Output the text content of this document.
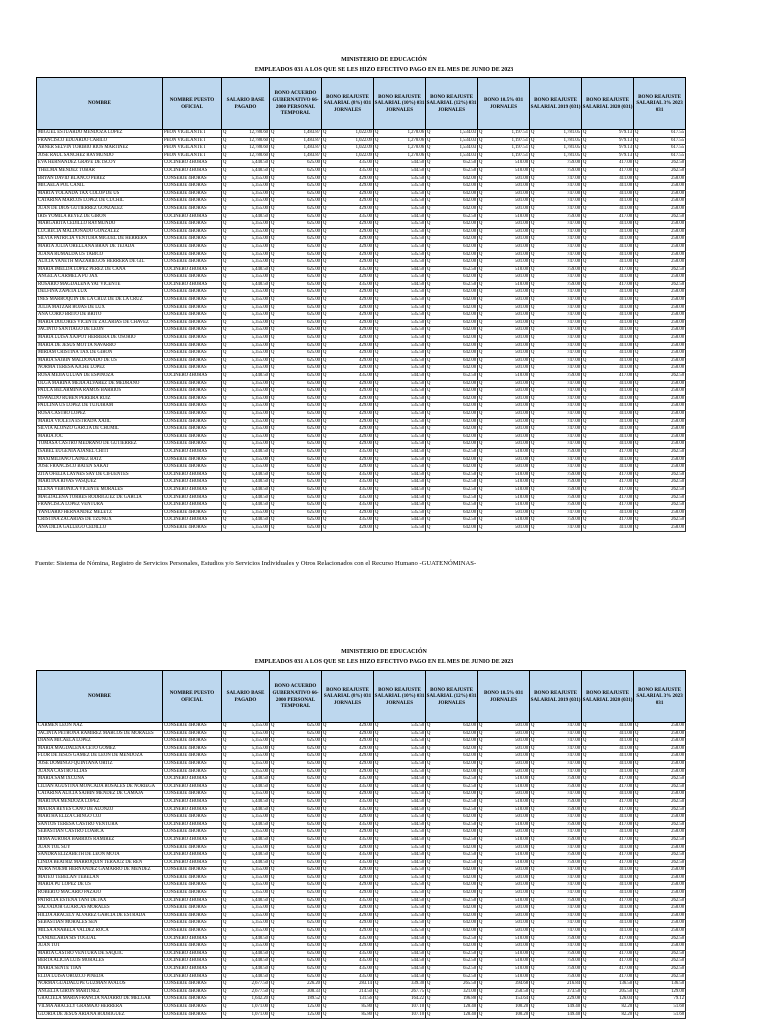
MINISTERIO DE EDUCACIÓN
EMPLEADOS 031 A LOS QUE SE LES HIZO EFECTIVO PAGO EN EL MES DE JUNIO DE 2023
NOMBRE	NOMBRE PUESTO OFICIAL	SALARIO BASE PAGADO		BONO ACUERDO GUBERNATIVO 66-2000 PERSONAL TEMPORAL		BONO REAJUSTE SALARIAL (8%) 031 JORNALES		BONO REAJUSTE SALARIAL (10%) 031 JORNALES		BONO REAJUSTE SALARIAL (12%) 031 JORNALES		BONO 10.5% 031 JORNALES		BONO REAJUSTE SALARIAL 2019 (031)		BONO REAJUSTE SALARIAL 2020 (031)		BONO REAJUSTE SALARIAL 3% 2023 031	
MIGUEL ESTUARDO MENDOZA LOPEZ	PEÓN VIGILANTE I	Q	12,780.60	Q	1,483.87	Q	1,022.09	Q	1,278.06	Q	1,534.03	Q	1,197.51	Q	1,781.05	Q	979.13	Q	617.55
FRANCISCO EDUARDO CARILO	PEÓN VIGILANTE I	Q	12,780.60	Q	1,483.87	Q	1,022.09	Q	1,278.06	Q	1,534.03	Q	1,197.51	Q	1,781.05	Q	979.13	Q	617.55
ABNER SELVIN TORIBIO RIOS MARTINEZ	PEÓN VIGILANTE I	Q	12,780.60	Q	1,483.87	Q	1,022.09	Q	1,278.06	Q	1,534.03	Q	1,197.51	Q	1,781.05	Q	979.13	Q	617.55
JOSÉ RAÚL SÁNCHEZ RAYMUNDO	PEÓN VIGILANTE I	Q	12,780.60	Q	1,483.87	Q	1,022.09	Q	1,278.06	Q	1,534.03	Q	1,197.51	Q	1,781.05	Q	979.13	Q	617.55
EVA HERNANDEZ GRAVE DE ISCOY	COCINERO 4HORAS	Q	5,440.50	Q	625.00	Q	435.00	Q	544.50	Q	652.50	Q	510.00	Q	759.00	Q	417.00	Q	262.50
THELMA MENDEZ TOBAR	COCINERO 4HORAS	Q	5,440.50	Q	625.00	Q	435.00	Q	544.50	Q	652.50	Q	510.00	Q	759.00	Q	417.00	Q	262.50
BRYAN DAVID BLANCO PEREZ	CONSERJE 4HORAS	Q	5,355.00	Q	625.00	Q	429.00	Q	535.50	Q	642.00	Q	501.00	Q	747.00	Q	411.00	Q	258.00
MICAELA POL CANIL	CONSERJE 4HORAS	Q	5,355.00	Q	625.00	Q	429.00	Q	535.50	Q	642.00	Q	501.00	Q	747.00	Q	411.00	Q	258.00
MARTA YOLANDA TAX COLOP DE US	CONSERJE 4HORAS	Q	5,355.00	Q	625.00	Q	429.00	Q	535.50	Q	642.00	Q	501.00	Q	747.00	Q	411.00	Q	258.00
CATARINA MARCOS LOPEZ DE CUCHIL	CONSERJE 4HORAS	Q	5,355.00	Q	625.00	Q	429.00	Q	535.50	Q	642.00	Q	501.00	Q	747.00	Q	411.00	Q	258.00
JUAN DE DIOS GUTIERREZ GONZALEZ	CONSERJE 4HORAS	Q	5,355.00	Q	625.00	Q	429.00	Q	535.50	Q	642.00	Q	501.00	Q	747.00	Q	411.00	Q	258.00
IRIS YOMILA REYEZ DE GIRON	COCINERO 4HORAS	Q	5,440.50	Q	625.00	Q	435.00	Q	544.50	Q	652.50	Q	510.00	Q	759.00	Q	417.00	Q	262.50
MARGARITA CEDILLO RAYMUNDO	CONSERJE 4HORAS	Q	5,355.00	Q	625.00	Q	429.00	Q	535.50	Q	642.00	Q	501.00	Q	747.00	Q	411.00	Q	258.00
LUCRECIA MALDONADO GONZALEZ	CONSERJE 4HORAS	Q	5,355.00	Q	625.00	Q	429.00	Q	535.50	Q	642.00	Q	501.00	Q	747.00	Q	411.00	Q	258.00
SILVIA PATRICIA VENTURA MIGUEL DE HERRERA	CONSERJE 4HORAS	Q	5,355.00	Q	625.00	Q	429.00	Q	535.50	Q	642.00	Q	501.00	Q	747.00	Q	411.00	Q	258.00
MARTA JULIA ORELLANA BRAN DE TEJADA	CONSERJE 4HORAS	Q	5,355.00	Q	625.00	Q	429.00	Q	535.50	Q	642.00	Q	501.00	Q	747.00	Q	411.00	Q	258.00
JUANA RUMALDA US TABICO	CONSERJE 4HORAS	Q	5,355.00	Q	625.00	Q	429.00	Q	535.50	Q	642.00	Q	501.00	Q	747.00	Q	411.00	Q	258.00
ALICIA YANETH MAZARIEGOS HERRERA DE GIL	CONSERJE 4HORAS	Q	5,355.00	Q	625.00	Q	429.00	Q	535.50	Q	642.00	Q	501.00	Q	747.00	Q	411.00	Q	258.00
MARIA IMELDA LÓPEZ PÉREZ DE CANA	COCINERO 4HORAS	Q	5,440.50	Q	625.00	Q	435.00	Q	544.50	Q	652.50	Q	510.00	Q	759.00	Q	417.00	Q	262.50
ANGELA CARMELA PU JAX	CONSERJE 4HORAS	Q	5,355.00	Q	625.00	Q	429.00	Q	535.50	Q	642.00	Q	501.00	Q	747.00	Q	411.00	Q	258.00
ROSARIO MAGDALENA YAT VICENTE	COCINERO 4HORAS	Q	5,440.50	Q	625.00	Q	435.00	Q	544.50	Q	652.50	Q	510.00	Q	759.00	Q	417.00	Q	262.50
DELFINA ZAPETA LUX	CONSERJE 4HORAS	Q	5,355.00	Q	625.00	Q	429.00	Q	535.50	Q	642.00	Q	501.00	Q	747.00	Q	411.00	Q	258.00
INES MARROQUIN DE LA CRUZ DE DE LA CRUZ	CONSERJE 4HORAS	Q	5,355.00	Q	625.00	Q	429.00	Q	535.50	Q	642.00	Q	501.00	Q	747.00	Q	411.00	Q	258.00
JULIA MATZAR ROJAS DE LUX	CONSERJE 4HORAS	Q	5,355.00	Q	625.00	Q	429.00	Q	535.50	Q	642.00	Q	501.00	Q	747.00	Q	411.00	Q	258.00
ANA CORIO BRITO DE BRITO	CONSERJE 4HORAS	Q	5,355.00	Q	625.00	Q	429.00	Q	535.50	Q	642.00	Q	501.00	Q	747.00	Q	411.00	Q	258.00
MARIA DOLORES VICENTE ZACARIAS DE CHAVEZ	CONSERJE 4HORAS	Q	5,355.00	Q	625.00	Q	429.00	Q	535.50	Q	642.00	Q	501.00	Q	747.00	Q	411.00	Q	258.00
JACINTO SANTIAGO DE LEON	CONSERJE 4HORAS	Q	5,355.00	Q	625.00	Q	429.00	Q	535.50	Q	642.00	Q	501.00	Q	747.00	Q	411.00	Q	258.00
MARIA LUISA XAJPOT HERRERA DE OSORIO	CONSERJE 4HORAS	Q	5,355.00	Q	625.00	Q	429.00	Q	535.50	Q	642.00	Q	501.00	Q	747.00	Q	411.00	Q	258.00
MARIA DE JESUS MOTTA NAVARRO	CONSERJE 4HORAS	Q	5,355.00	Q	625.00	Q	429.00	Q	535.50	Q	642.00	Q	501.00	Q	747.00	Q	411.00	Q	258.00
MIRIAM CRISTINA TAX DE GIRON	CONSERJE 4HORAS	Q	5,355.00	Q	625.00	Q	429.00	Q	535.50	Q	642.00	Q	501.00	Q	747.00	Q	411.00	Q	258.00
MARIA SAJBIN MALDONADO DE US	CONSERJE 4HORAS	Q	5,355.00	Q	625.00	Q	429.00	Q	535.50	Q	642.00	Q	501.00	Q	747.00	Q	411.00	Q	258.00
NORMA TERESA AJCHÉ LÓPEZ	CONSERJE 4HORAS	Q	5,355.00	Q	625.00	Q	429.00	Q	535.50	Q	642.00	Q	501.00	Q	747.00	Q	411.00	Q	258.00
ROSA MEJIA ULUAN DE ESPINOZA	COCINERO 4HORAS	Q	5,440.50	Q	625.00	Q	435.00	Q	544.50	Q	652.50	Q	510.00	Q	759.00	Q	417.00	Q	262.50
OLGA MARINA MEJIA ALVAREZ DE MEDRANO	CONSERJE 4HORAS	Q	5,355.00	Q	625.00	Q	429.00	Q	535.50	Q	642.00	Q	501.00	Q	747.00	Q	411.00	Q	258.00
PAULA BELARMINA RAMOS BARRIOS	CONSERJE 4HORAS	Q	5,355.00	Q	625.00	Q	429.00	Q	535.50	Q	642.00	Q	501.00	Q	747.00	Q	411.00	Q	258.00
OSWALDO RUBÉN PEREIRA RUÍZ	CONSERJE 4HORAS	Q	5,355.00	Q	625.00	Q	429.00	Q	535.50	Q	642.00	Q	501.00	Q	747.00	Q	411.00	Q	258.00
PAULINA US LOPEZ DE TUJUIRAM	CONSERJE 4HORAS	Q	5,355.00	Q	625.00	Q	429.00	Q	535.50	Q	642.00	Q	501.00	Q	747.00	Q	411.00	Q	258.00
ROSA CASTRO LOPEZ	CONSERJE 4HORAS	Q	5,355.00	Q	625.00	Q	429.00	Q	535.50	Q	642.00	Q	501.00	Q	747.00	Q	411.00	Q	258.00
MARIA VIOLETA ESTRADA XAJIL	CONSERJE 4HORAS	Q	5,355.00	Q	625.00	Q	429.00	Q	535.50	Q	642.00	Q	501.00	Q	747.00	Q	411.00	Q	258.00
SILVIA ALONZO GARCIA DE CHUMIL	CONSERJE 4HORAS	Q	5,355.00	Q	625.00	Q	429.00	Q	535.50	Q	642.00	Q	501.00	Q	747.00	Q	411.00	Q	258.00
MARIA JOC	CONSERJE 4HORAS	Q	5,355.00	Q	625.00	Q	429.00	Q	535.50	Q	642.00	Q	501.00	Q	747.00	Q	411.00	Q	258.00
TOMASA CASTRO MEDRANO DE GUTIERREZ	CONSERJE 4HORAS	Q	5,355.00	Q	625.00	Q	429.00	Q	535.50	Q	642.00	Q	501.00	Q	747.00	Q	411.00	Q	258.00
ISABEL EUGENIA AJANEL CHITI	COCINERO 4HORAS	Q	5,440.50	Q	625.00	Q	435.00	Q	544.50	Q	652.50	Q	510.00	Q	759.00	Q	417.00	Q	262.50
MAXIMILIANO LAINEZ BATZ	CONSERJE 4HORAS	Q	5,355.00	Q	625.00	Q	429.00	Q	535.50	Q	642.00	Q	501.00	Q	747.00	Q	411.00	Q	258.00
JOSE FRANCISCO BATEN SAKAT	CONSERJE 4HORAS	Q	5,355.00	Q	625.00	Q	429.00	Q	535.50	Q	642.00	Q	501.00	Q	747.00	Q	411.00	Q	258.00
ZITA OFELIA LAYNES SAY DE CIFUENTES	COCINERO 4HORAS	Q	5,440.50	Q	625.00	Q	435.00	Q	544.50	Q	652.50	Q	510.00	Q	759.00	Q	417.00	Q	262.50
MARTINA RIVAS VASQUEZ	COCINERO 4HORAS	Q	5,440.50	Q	625.00	Q	435.00	Q	544.50	Q	652.50	Q	510.00	Q	759.00	Q	417.00	Q	262.50
ELENA VERONICA VICENTE MORALES	COCINERO 4HORAS	Q	5,440.50	Q	625.00	Q	435.00	Q	544.50	Q	652.50	Q	510.00	Q	759.00	Q	417.00	Q	262.50
MAGDALENA TORRES RODRIGUEZ DE GARCIA	COCINERO 4HORAS	Q	5,440.50	Q	625.00	Q	435.00	Q	544.50	Q	652.50	Q	510.00	Q	759.00	Q	417.00	Q	262.50
FRANCISCA LOPEZ VENTURA	COCINERO 4HORAS	Q	5,440.50	Q	625.00	Q	435.00	Q	544.50	Q	652.50	Q	510.00	Q	759.00	Q	417.00	Q	262.50
YANUARIO HERNANDEZ MELETZ	CONSERJE 4HORAS	Q	5,355.00	Q	625.00	Q	429.00	Q	535.50	Q	642.00	Q	501.00	Q	747.00	Q	411.00	Q	258.00
CRISTINA ZACARIAS DE TZUNUX	COCINERO 4HORAS	Q	5,440.50	Q	625.00	Q	435.00	Q	544.50	Q	652.50	Q	510.00	Q	759.00	Q	417.00	Q	262.50
ANA DILIA GALLEGO CEDILLO	CONSERJE 4HORAS	Q	5,355.00	Q	625.00	Q	429.00	Q	535.50	Q	642.00	Q	501.00	Q	747.00	Q	411.00	Q	258.00
Fuente: Sistema de Nómina, Registro de Servicios Personales, Estudios y/o Servicios Individuales y Otros Relacionados con el Recurso Humano -GUATENÓMINAS-
MINISTERIO DE EDUCACIÓN
EMPLEADOS 031 A LOS QUE SE LES HIZO EFECTIVO PAGO EN EL MES DE JUNIO DE 2023
NOMBRE	NOMBRE PUESTO OFICIAL	SALARIO BASE PAGADO		BONO ACUERDO GUBERNATIVO 66-2000 PERSONAL TEMPORAL		BONO REAJUSTE SALARIAL (8%) 031 JORNALES		BONO REAJUSTE SALARIAL (10%) 031 JORNALES		BONO REAJUSTE SALARIAL (12%) 031 JORNALES		BONO 10.5% 031 JORNALES		BONO REAJUSTE SALARIAL 2019 (031)		BONO REAJUSTE SALARIAL 2020 (031)		BONO REAJUSTE SALARIAL 3% 2023 031	
CARMEN LEON NAZ	CONSERJE 4HORAS	Q	5,355.00	Q	625.00	Q	429.00	Q	535.50	Q	642.00	Q	501.00	Q	747.00	Q	411.00	Q	258.00
JACINTA PETRONA RAMIREZ MARCOS DE MORALES	CONSERJE 4HORAS	Q	5,355.00	Q	625.00	Q	429.00	Q	535.50	Q	642.00	Q	501.00	Q	747.00	Q	411.00	Q	258.00
DIANA MICAELA LÓPEZ	CONSERJE 4HORAS	Q	5,355.00	Q	625.00	Q	429.00	Q	535.50	Q	642.00	Q	501.00	Q	747.00	Q	411.00	Q	258.00
MARIA MAGDALENA CETO GOMEZ	CONSERJE 4HORAS	Q	5,355.00	Q	625.00	Q	429.00	Q	535.50	Q	642.00	Q	501.00	Q	747.00	Q	411.00	Q	258.00
FLOR DE JESUS GAMEZ DE LEON DE MENDOZA	CONSERJE 4HORAS	Q	5,355.00	Q	625.00	Q	429.00	Q	535.50	Q	642.00	Q	501.00	Q	747.00	Q	411.00	Q	258.00
JOSÉ DOMINGO QUINTANA ORTIZ	CONSERJE 4HORAS	Q	5,355.00	Q	625.00	Q	429.00	Q	535.50	Q	642.00	Q	501.00	Q	747.00	Q	411.00	Q	258.00
JUANA CASTRO ELIAS	CONSERJE 4HORAS	Q	5,355.00	Q	625.00	Q	429.00	Q	535.50	Q	642.00	Q	501.00	Q	747.00	Q	411.00	Q	258.00
MARIA SAM IXCUNA	COCINERO 4HORAS	Q	5,440.50	Q	625.00	Q	435.00	Q	544.50	Q	652.50	Q	510.00	Q	759.00	Q	417.00	Q	262.50
LILIAN AGUSTINA MONCADA ROSALES DE NORIEGA	COCINERO 4HORAS	Q	5,440.50	Q	625.00	Q	435.00	Q	544.50	Q	652.50	Q	510.00	Q	759.00	Q	417.00	Q	262.50
CATARINA ALICIA SAJBIN MENDEZ DE CAMAJA	CONSERJE 4HORAS	Q	5,355.00	Q	625.00	Q	429.00	Q	535.50	Q	642.00	Q	501.00	Q	747.00	Q	411.00	Q	258.00
MARTINA MENDOZA LÓPEZ	COCINERO 4HORAS	Q	5,440.50	Q	625.00	Q	435.00	Q	544.50	Q	652.50	Q	510.00	Q	759.00	Q	417.00	Q	262.50
MAURA REYES CANO DE ALONZO	COCINERO 4HORAS	Q	5,440.50	Q	625.00	Q	435.00	Q	544.50	Q	652.50	Q	510.00	Q	759.00	Q	417.00	Q	262.50
MARTHA ELIZA CHINGO COJ	CONSERJE 4HORAS	Q	5,355.00	Q	625.00	Q	429.00	Q	535.50	Q	642.00	Q	501.00	Q	747.00	Q	411.00	Q	258.00
SANTOS TERESA CASTRO VENTURA	COCINERO 4HORAS	Q	5,440.50	Q	625.00	Q	435.00	Q	544.50	Q	652.50	Q	510.00	Q	759.00	Q	417.00	Q	262.50
SEBASTIÁN CASTRO LOARCA	CONSERJE 4HORAS	Q	5,355.00	Q	625.00	Q	429.00	Q	535.50	Q	642.00	Q	501.00	Q	747.00	Q	411.00	Q	258.00
IRMA AURORA BARRIOS RAMIREZ	COCINERO 4HORAS	Q	5,440.50	Q	625.00	Q	435.00	Q	544.50	Q	652.50	Q	510.00	Q	759.00	Q	417.00	Q	262.50
JUAN TOL SUY	CONSERJE 4HORAS	Q	5,355.00	Q	625.00	Q	429.00	Q	535.50	Q	642.00	Q	501.00	Q	747.00	Q	411.00	Q	258.00
SANDRA ELIZABETH DE LEON MOTA	COCINERO 4HORAS	Q	5,440.50	Q	625.00	Q	435.00	Q	544.50	Q	652.50	Q	510.00	Q	759.00	Q	417.00	Q	262.50
LINDA BEATRIZ MARROQUIN TERAJUZ DE REN	COCINERO 4HORAS	Q	5,440.50	Q	625.00	Q	435.00	Q	544.50	Q	652.50	Q	510.00	Q	759.00	Q	417.00	Q	262.50
AURA NOEMI HERNANDEZ GAMARRO DE MENDEZ	CONSERJE 4HORAS	Q	5,355.00	Q	625.00	Q	429.00	Q	535.50	Q	642.00	Q	501.00	Q	747.00	Q	411.00	Q	258.00
MATEO TEBELAN TEBELAN	CONSERJE 4HORAS	Q	5,355.00	Q	625.00	Q	429.00	Q	535.50	Q	642.00	Q	501.00	Q	747.00	Q	411.00	Q	258.00
MARIA PU LOPEZ DE US	CONSERJE 4HORAS	Q	5,355.00	Q	625.00	Q	429.00	Q	535.50	Q	642.00	Q	501.00	Q	747.00	Q	411.00	Q	258.00
ROBERTO MACARIO PAZAJO	CONSERJE 4HORAS	Q	5,355.00	Q	625.00	Q	429.00	Q	535.50	Q	642.00	Q	501.00	Q	747.00	Q	411.00	Q	258.00
PATRICIA ESTENA TANI DE JAX	COCINERO 4HORAS	Q	5,440.50	Q	625.00	Q	435.00	Q	544.50	Q	652.50	Q	510.00	Q	759.00	Q	417.00	Q	262.50
SALVADOR GUARCAS MORALES	CONSERJE 4HORAS	Q	5,355.00	Q	625.00	Q	429.00	Q	535.50	Q	642.00	Q	501.00	Q	747.00	Q	411.00	Q	258.00
HILDA ARACELY ALVAREZ GARCIA DE ESTRADA	CONSERJE 4HORAS	Q	5,355.00	Q	625.00	Q	429.00	Q	535.50	Q	642.00	Q	501.00	Q	747.00	Q	411.00	Q	258.00
SEBASTIÁN MORALES SÉN	CONSERJE 4HORAS	Q	5,355.00	Q	625.00	Q	429.00	Q	535.50	Q	642.00	Q	501.00	Q	747.00	Q	411.00	Q	258.00
MILSA ANABELA VALDEZ ROCA	CONSERJE 4HORAS	Q	5,355.00	Q	625.00	Q	429.00	Q	535.50	Q	642.00	Q	501.00	Q	747.00	Q	411.00	Q	258.00
CANDELARIA SIS TOGUAL	COCINERO 4HORAS	Q	5,440.50	Q	625.00	Q	435.00	Q	544.50	Q	652.50	Q	510.00	Q	759.00	Q	417.00	Q	262.50
JUAN TOT	CONSERJE 4HORAS	Q	5,355.00	Q	625.00	Q	429.00	Q	535.50	Q	642.00	Q	501.00	Q	747.00	Q	411.00	Q	258.00
MARTA CASTRO VENTURA DE SAQUIC	COCINERO 4HORAS	Q	5,440.50	Q	625.00	Q	435.00	Q	544.50	Q	652.50	Q	510.00	Q	759.00	Q	417.00	Q	262.50
BERTA ALICIA LUIS MORALES	COCINERO 4HORAS	Q	5,440.50	Q	625.00	Q	435.00	Q	544.50	Q	652.50	Q	510.00	Q	759.00	Q	417.00	Q	262.50
MARIA SENTE TIAN	COCINERO 4HORAS	Q	5,440.50	Q	625.00	Q	435.00	Q	544.50	Q	652.50	Q	510.00	Q	759.00	Q	417.00	Q	262.50
ELDA LUISA OROZCO PINEDA	COCINERO 4HORAS	Q	5,440.50	Q	625.00	Q	435.00	Q	544.50	Q	652.50	Q	510.00	Q	759.00	Q	417.00	Q	262.50
NORMA GUADALUPE GUZMAN AVALOS	CONSERJE 4HORAS	Q	2,677.50	Q	226.20	Q	283.14	Q	339.30	Q	265.50	Q	394.68	Q	216.84	Q	136.50	Q	136.50
ANGELIA GIRON MARTINEZ	CONSERJE 4HORAS	Q	2,677.50	Q	308.33	Q	214.50	Q	267.75	Q	321.00	Q	250.50	Q	373.50	Q	205.50	Q	129.00
GRACIELA MARIA FRANCIA NAJARRO DE MELGAR	CONSERJE 4HORAS	Q	1,642.20	Q	189.52	Q	131.56	Q	164.22	Q	196.88	Q	153.64	Q	229.08	Q	126.04	Q	79.12
VILMA ARACELY GRAMAJO HERRERA	CONSERJE 4HORAS	Q	1,071.00	Q	125.00	Q	85.80	Q	107.10	Q	128.40	Q	100.20	Q	149.40	Q	82.20	Q	51.60
GLORIA DE JESUS ARIANA RODRIGUEZ	CONSERJE 4HORAS	Q	1,071.00	Q	125.00	Q	85.80	Q	107.10	Q	128.40	Q	100.20	Q	149.40	Q	82.20	Q	51.60
